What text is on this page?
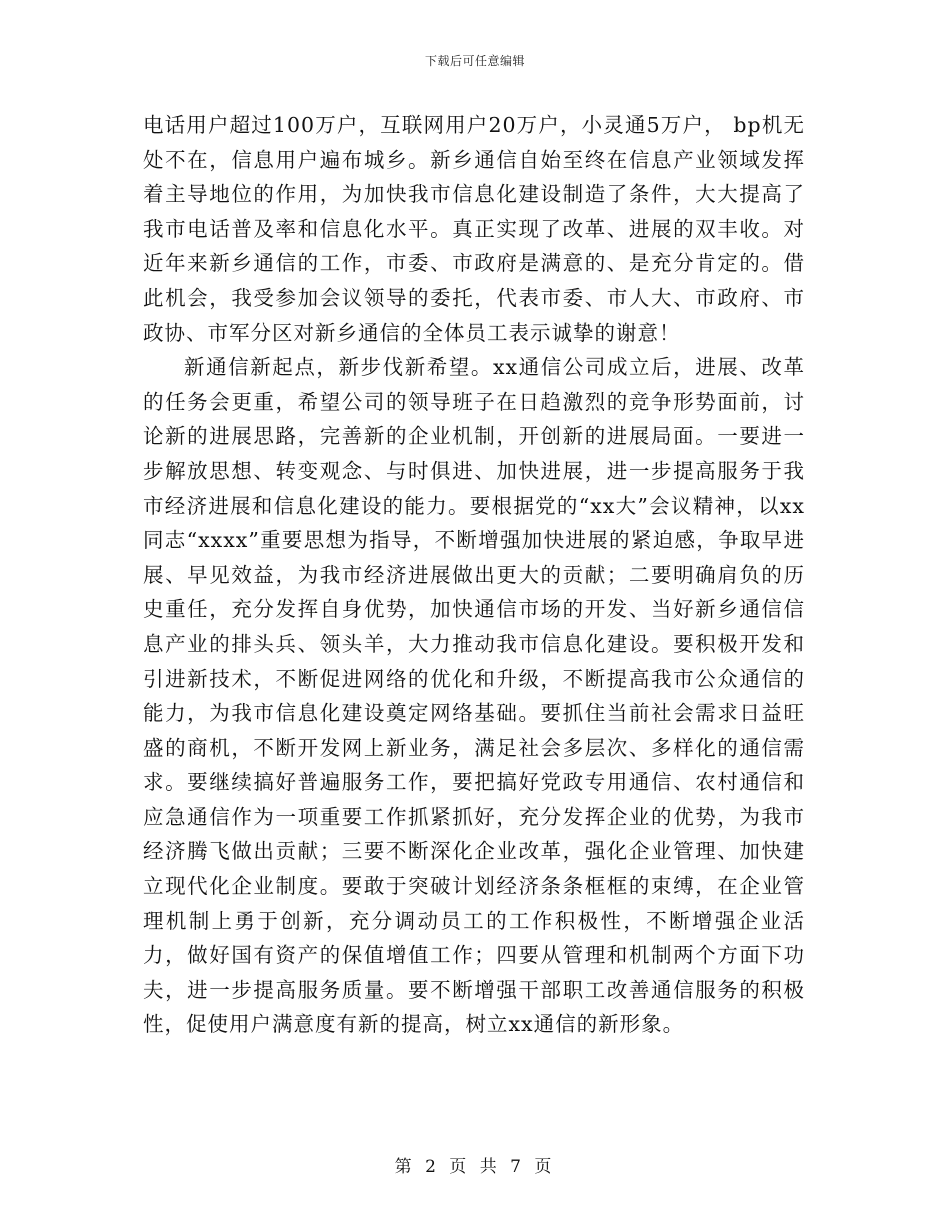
下载后可任意编辑

电话用户超过100万户，互联网用户20万户，小灵通5万户， bp机无处不在，信息用户遍布城乡。新乡通信自始至终在信息产业领域发挥着主导地位的作用，为加快我市信息化建设制造了条件，大大提高了我市电话普及率和信息化水平。真正实现了改革、进展的双丰收。对近年来新乡通信的工作，市委、市政府是满意的、是充分肯定的。借此机会，我受参加会议领导的委托，代表市委、市人大、市政府、市政协、市军分区对新乡通信的全体员工表示诚挚的谢意！

新通信新起点，新步伐新希望。xx通信公司成立后，进展、改革的任务会更重，希望公司的领导班子在日趋激烈的竞争形势面前，讨论新的进展思路，完善新的企业机制，开创新的进展局面。一要进一步解放思想、转变观念、与时俱进、加快进展，进一步提高服务于我市经济进展和信息化建设的能力。要根据党的“xx大”会议精神，以xx同志“xxxx”重要思想为指导，不断增强加快进展的紧迫感，争取早进展、早见效益，为我市经济进展做出更大的贡献；二要明确肩负的历史重任，充分发挥自身优势，加快通信市场的开发、当好新乡通信信息产业的排头兵、领头羊，大力推动我市信息化建设。要积极开发和引进新技术，不断促进网络的优化和升级，不断提高我市公众通信的能力，为我市信息化建设奠定网络基础。要抓住当前社会需求日益旺盛的商机，不断开发网上新业务，满足社会多层次、多样化的通信需求。要继续搞好普遍服务工作，要把搞好党政专用通信、农村通信和应急通信作为一项重要工作抓紧抓好，充分发挥企业的优势，为我市经济腾飞做出贡献；三要不断深化企业改革，强化企业管理、加快建立现代化企业制度。要敢于突破计划经济条条框框的束缚，在企业管理机制上勇于创新，充分调动员工的工作积极性，不断增强企业活力，做好国有资产的保值增值工作；四要从管理和机制两个方面下功夫，进一步提高服务质量。要不断增强干部职工改善通信服务的积极性，促使用户满意度有新的提高，树立xx通信的新形象。

第 2 页 共 7 页
